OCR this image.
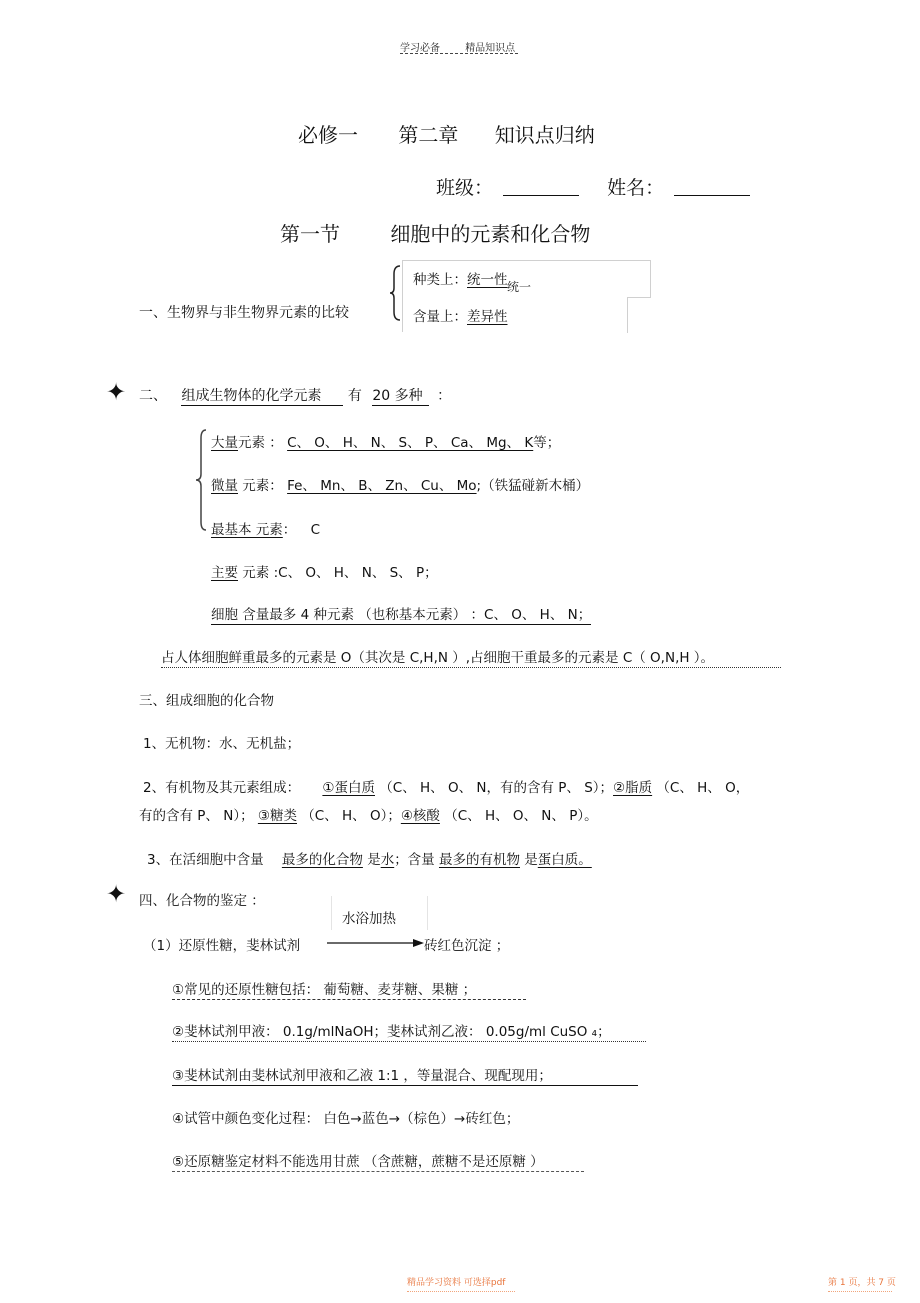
学习必备	精品知识点
必修一 第二章 知识点归纳
班级：	姓名：
第一节	细胞中的元素和化合物
一、生物界与非生物界元素的比较
种类上：统一性 统一
含量上：差异性
✦ 二、 组成生物体的化学元素 有 20 多种 ：
大量元素 ： C、 O、 H、 N、 S、 P、 Ca、 Mg、 K等；
微量 元素： Fe、 Mn、 B、 Zn、 Cu、 Mo;（铁猛碰新木桶）
最基本 元素： C
主要 元素 :C、 O、 H、 N、 S、 P；
细胞 含量最多 4 种元素 （也称基本元素） ：C、 O、 H、 N；
占人体细胞鲜重最多的元素是 O（其次是 C,H,N ）,占细胞干重最多的元素是 C（ O,N,H ）。
三、组成细胞的化合物
1、无机物：水、无机盐；
2、有机物及其元素组成： ①蛋白质 （C、 H、 O、 N，有的含有 P、 S）；②脂质 （C、 H、 O，
有的含有 P、 N）； ③糖类 （C、 H、 O）；④核酸 （C、 H、 O、 N、 P）。
3、在活细胞中含量 最多的化合物 是水；含量 最多的有机物 是蛋白质。
✦ 四、化合物的鉴定 ：
水浴加热
（1）还原性糖，斐林试剂	砖红色沉淀 ；
①常见的还原性糖包括： 葡萄糖、麦芽糖、果糖 ；
②斐林试剂甲液： 0.1g/mlNaOH；斐林试剂乙液： 0.05g/ml CuSO ₄；
③斐林试剂由斐林试剂甲液和乙液 1:1 ，等量混合、现配现用；
④试管中颜色变化过程： 白色→蓝色→（棕色）→砖红色；
⑤还原糖鉴定材料不能选用甘蔗 （含蔗糖，蔗糖不是还原糖 ）
精品学习资料 可选择pdf	第 1 页，共 7 页
